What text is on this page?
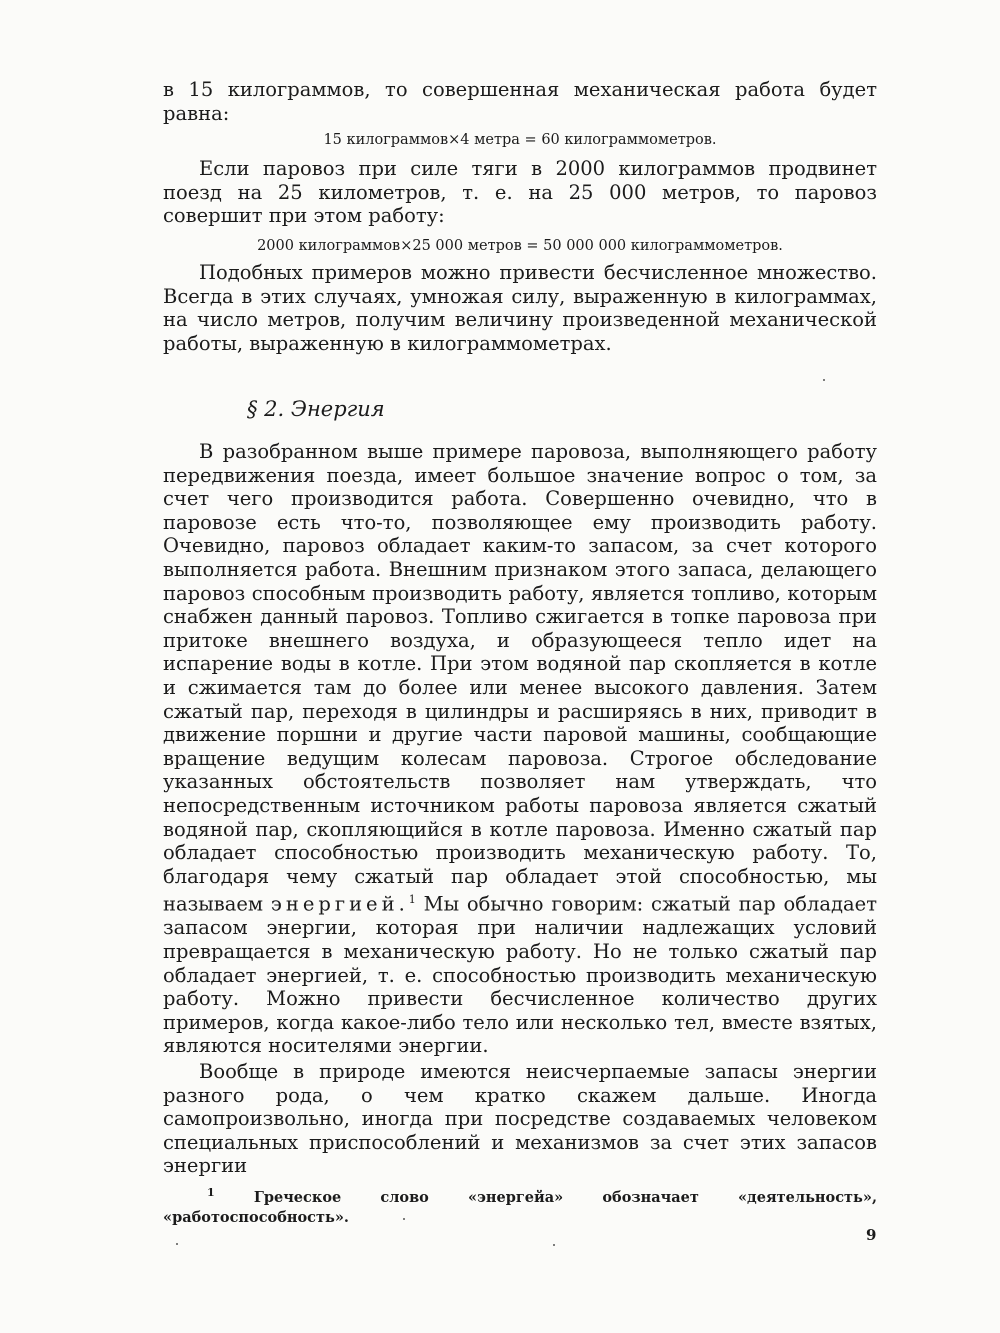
в 15 килограммов, то совершенная механическая работа будет равна:

15 килограммов×4 метра = 60 килограммометров.

Если паровоз при силе тяги в 2000 килограммов продвинет поезд на 25 километров, т. е. на 25 000 метров, то паровоз совершит при этом работу:

2000 килограммов×25 000 метров = 50 000 000 килограммометров.

Подобных примеров можно привести бесчисленное множество. Всегда в этих случаях, умножая силу, выраженную в килограммах, на число метров, получим величину произведенной механической работы, выраженную в килограммометрах.

§ 2. Энергия

В разобранном выше примере паровоза, выполняющего работу передвижения поезда, имеет большое значение вопрос о том, за счет чего производится работа. Совершенно очевидно, что в паровозе есть что-то, позволяющее ему производить работу. Очевидно, паровоз обладает каким-то запасом, за счет которого выполняется работа. Внешним признаком этого запаса, делающего паровоз способным производить работу, является топливо, которым снабжен данный паровоз. Топливо сжигается в топке паровоза при притоке внешнего воздуха, и образующееся тепло идет на испарение воды в котле. При этом водяной пар скопляется в котле и сжимается там до более или менее высокого давления. Затем сжатый пар, переходя в цилиндры и расширяясь в них, приводит в движение поршни и другие части паровой машины, сообщающие вращение ведущим колесам паровоза. Строгое обследование указанных обстоятельств позволяет нам утверждать, что непосредственным источником работы паровоза является сжатый водяной пар, скопляющийся в котле паровоза. Именно сжатый пар обладает способностью производить механическую работу. То, благодаря чему сжатый пар обладает этой способностью, мы называем энергией.$^1$ Мы обычно говорим: сжатый пар обладает запасом энергии, которая при наличии надлежащих условий превращается в механическую работу. Но не только сжатый пар обладает энергией, т. е. способностью производить механическую работу. Можно привести бесчисленное количество других примеров, когда какое-либо тело или несколько тел, вместе взятых, являются носителями энергии.

Вообще в природе имеются неисчерпаемые запасы энергии разного рода, о чем кратко скажем дальше. Иногда самопроизвольно, иногда при посредстве создаваемых человеком специальных приспособлений и механизмов за счет этих запасов энергии

$^1$	Греческое слово «энергейа» обозначает «деятельность», «работоспособность».

9
